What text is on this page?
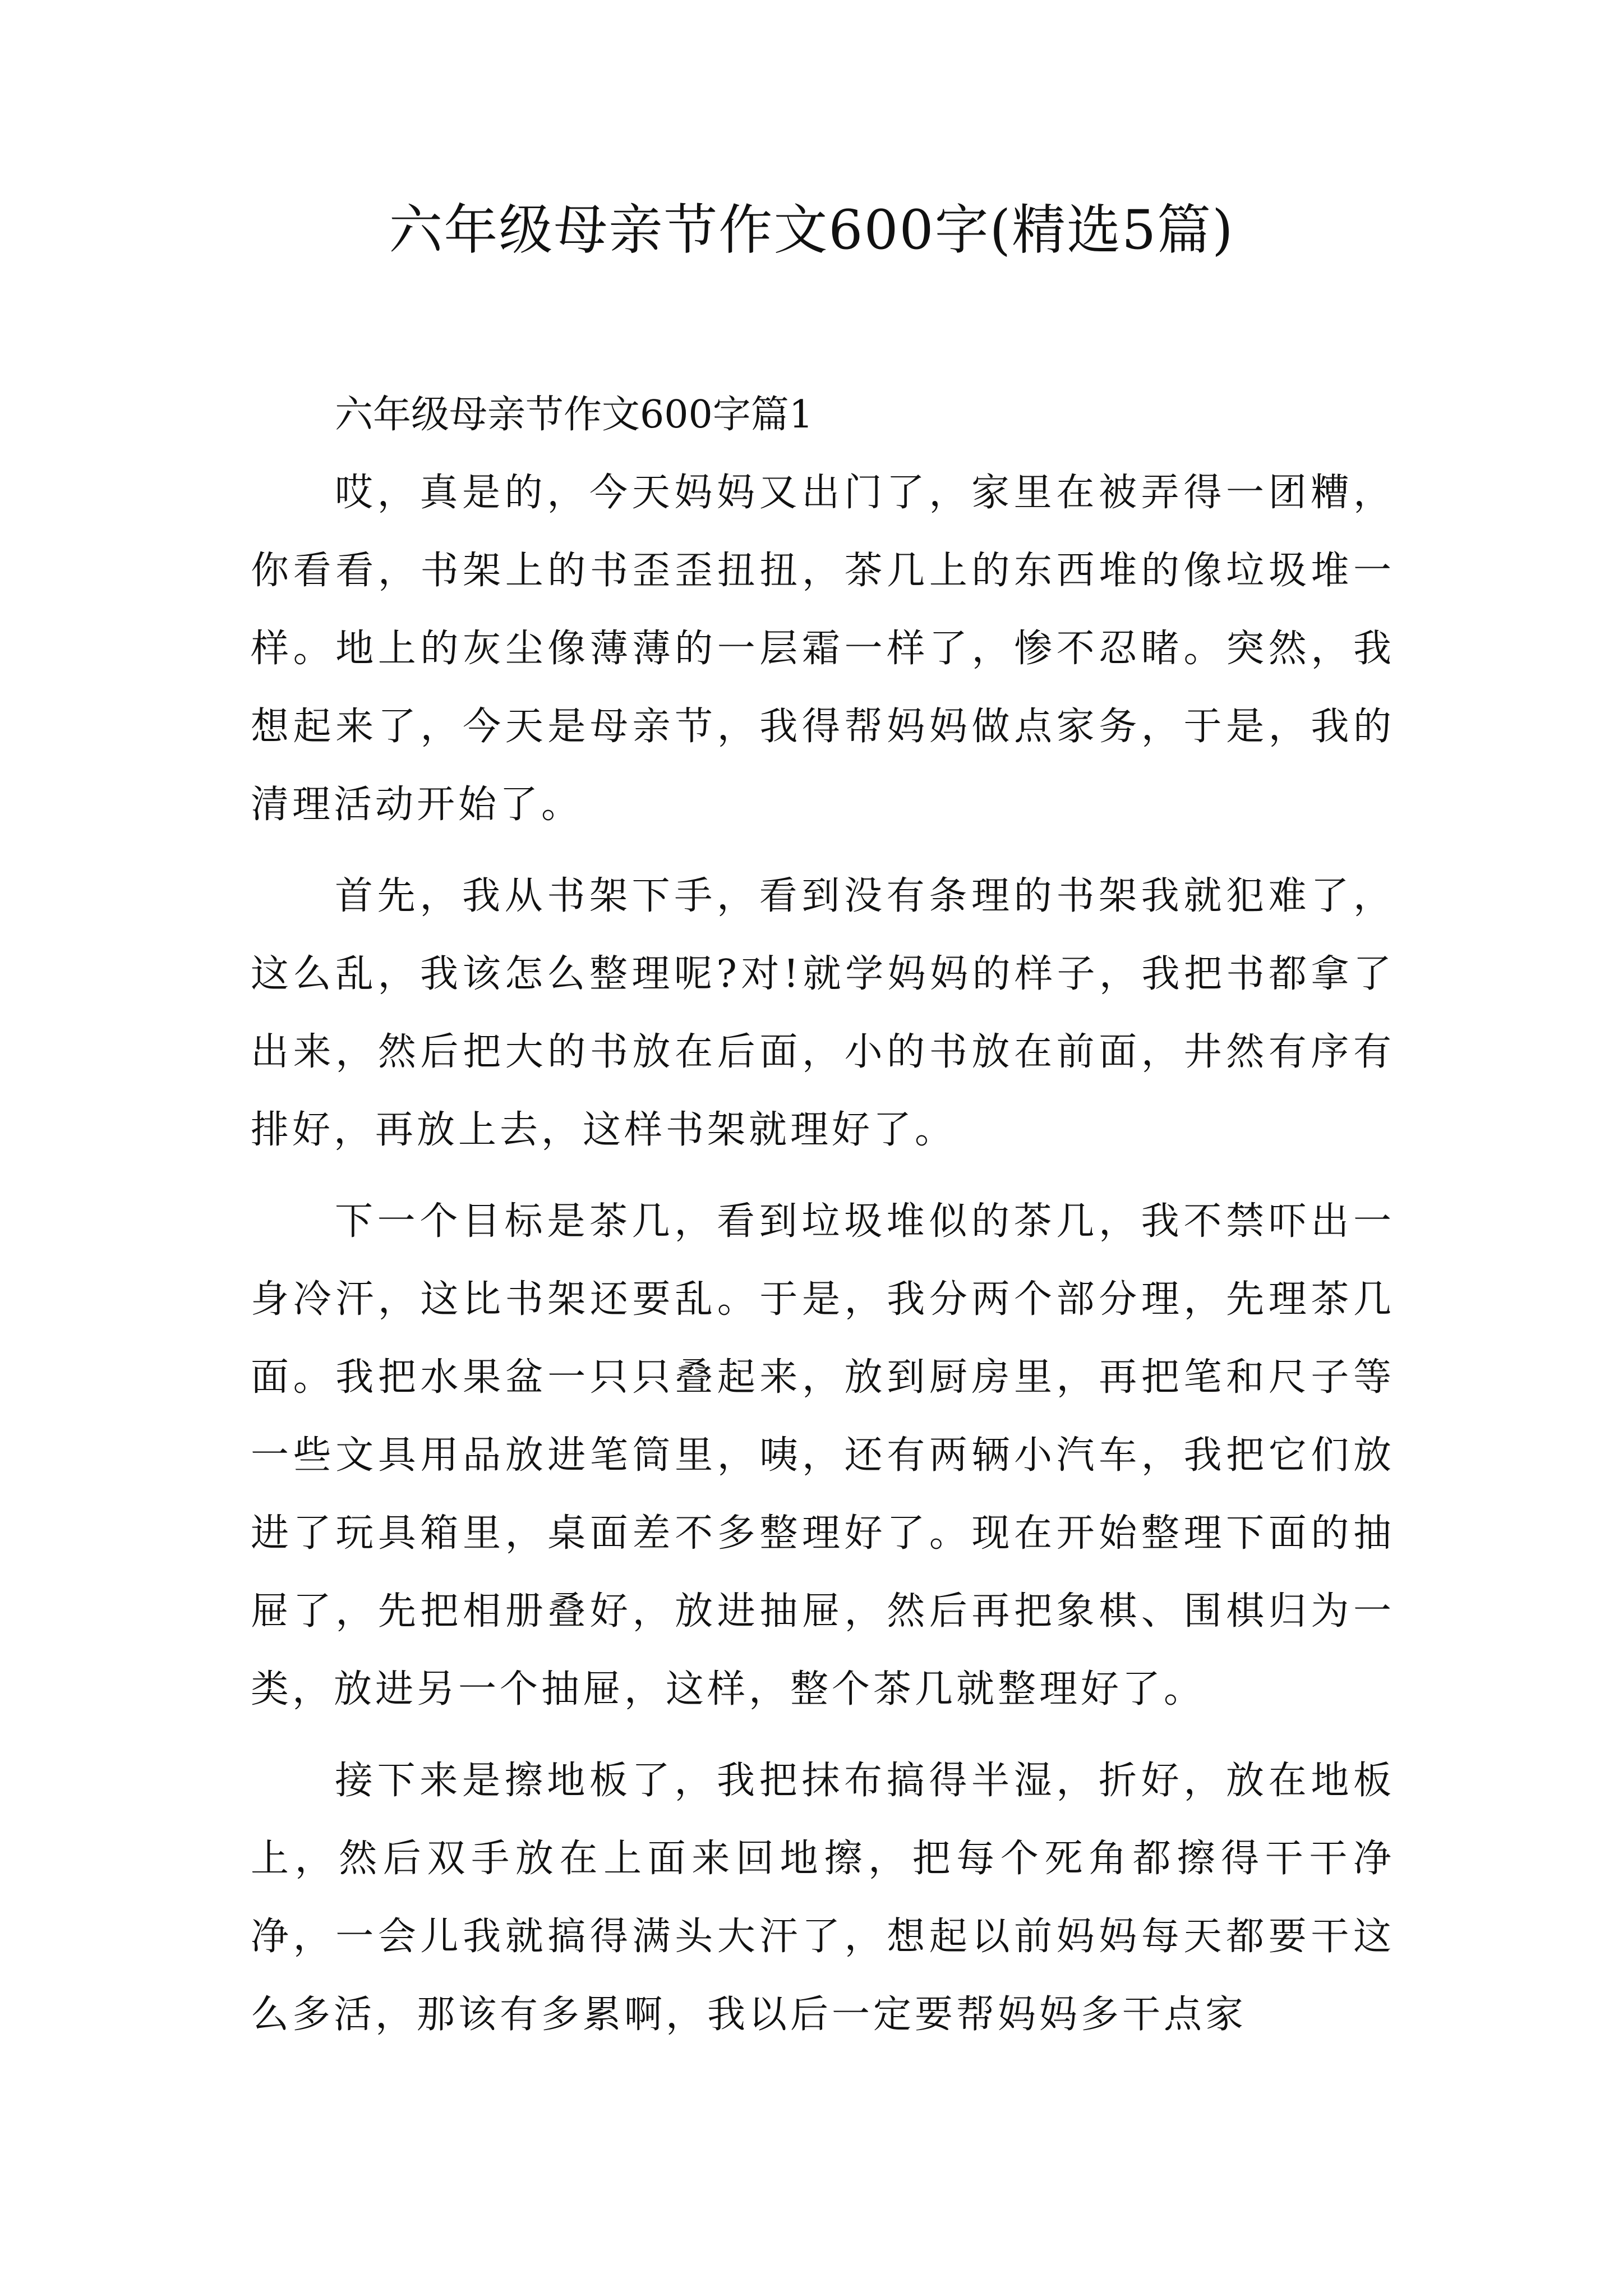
六年级母亲节作文600字(精选5篇)
六年级母亲节作文600字篇1

哎，真是的，今天妈妈又出门了，家里在被弄得一团糟，你看看，书架上的书歪歪扭扭，茶几上的东西堆的像垃圾堆一样。地上的灰尘像薄薄的一层霜一样了，惨不忍睹。突然，我想起来了，今天是母亲节，我得帮妈妈做点家务，于是，我的清理活动开始了。

首先，我从书架下手，看到没有条理的书架我就犯难了，这么乱，我该怎么整理呢?对!就学妈妈的样子，我把书都拿了出来，然后把大的书放在后面，小的书放在前面，井然有序有排好，再放上去，这样书架就理好了。

下一个目标是茶几，看到垃圾堆似的茶几，我不禁吓出一身冷汗，这比书架还要乱。于是，我分两个部分理，先理茶几面。我把水果盆一只只叠起来，放到厨房里，再把笔和尺子等一些文具用品放进笔筒里，咦，还有两辆小汽车，我把它们放进了玩具箱里，桌面差不多整理好了。现在开始整理下面的抽屉了，先把相册叠好，放进抽屉，然后再把象棋、围棋归为一类，放进另一个抽屉，这样，整个茶几就整理好了。

接下来是擦地板了，我把抹布搞得半湿，折好，放在地板上，然后双手放在上面来回地擦，把每个死角都擦得干干净净，一会儿我就搞得满头大汗了，想起以前妈妈每天都要干这么多活，那该有多累啊，我以后一定要帮妈妈多干点家
